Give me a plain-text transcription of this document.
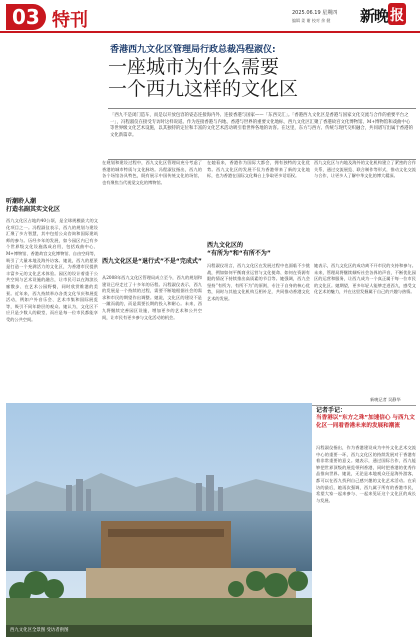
03 特刊	2025.06.19 星期四
编辑 姜 谢 校对 余 健 新晚 报
香港西九文化区管理局行政总裁冯程淑仪:
一座城市为什么需要
一个西九这样的文化区
「西九不是闭门造车，而是以开放包容的姿态连接海内外、连接香港与国家——「东西交汇」。「香港西九文化区是香港与国家文化交流与合作的重要平台之一」，冯程淑仪在接受专访时这样说道。作为连接香港与内地、香港与世界的重要文化地标，西九文化区汇聚了香港故宫文化博物馆、M+博物馆和戏曲中心等世界级文化艺术设施，以其独特的定位和丰富的文化艺术活动吸引着世界各地的访客。在这里，东方与西方、传统与现代交织融合，共同谱写出属于香港的文化新篇章。
听潮聆人潮
打造名副其实文化区
西九文化区占地约40公顷，是全球规模最大的文化项目之一。冯程淑仪表示，西九的规划与建设汇聚了多方智慧，其中包括公众咨询和国际建筑师的参与。历经多年的发展，如今园区内已有多个世界级文化设施落成启用，包括戏曲中心、M+博物馆、香港故宫文化博物馆、自由空间等，吸引了大量本地及海外访客。她说，西九的愿景是打造一个充满活力的文化区，为香港市民提供丰富多元的文化艺术体验。园区的设计着重于公共空间与艺术设施的融合，让市民可以在海滨长廊散步、在艺术公园野餐，同时欣赏维港的美景。近年来，西九持续举办各类文化节庆和展览活动，例如户外音乐会、艺术市集和国际展览等，吸引不同年龄层的观众。她认为，文化区不应只是少数人的殿堂，而应是每一位市民都能享受的公共空间。
在规划和建设过程中，西九文化区管理局充分考虑了香港的城市特质与文化脉络。冯程淑仪指出，西九的各个场馆各具特色，既有展示中国传统文化的场馆，也有聚焦当代视觉文化的博物馆。
在她看来，香港作为国际大都会，拥有独特的文化优势。西九文化区的发展不仅为香港带来了新的文化地标，也为香港在国际文化舞台上争取更多话语权。
西九文化区与内地及海外的文化机构建立了紧密的合作关系，通过交流展览、联合制作等形式，推动文化交流与合作，让更多人了解中华文化的博大精深。
西九文化区是“退行式”不是“完成式”
从2008年西九文化区管理局成立至今，西九的规划和建设已经走过了十多年的历程。冯程淑仪表示，西九的发展是一个持续的过程，需要不断地根据社会的需求和市民的期望作出调整。她说，文化区的建设不是一蹴而就的，而是需要长期的投入和耐心。未来，西九将继续完善园区设施，增加更多的艺术和公共空间，让市民有更多参与文化活动的机会。
西九文化区的
“有所为”和“有所不为”
冯程淑仪坦言，西九文化区在发展过程中也面临不少挑战，例如如何平衡商业运营与文化使命、如何在资源有限的情况下持续推出高质素的节目等。她强调，西九会坚持“有所为、有所不为”的原则，专注于自身的核心优势，同时与其他文化机构互相补足，共同推动香港文化艺术的发展。
她表示，西九文化区的成功离不开市民的支持和参与。未来，管理局将继续倾听社会各界的声音，不断优化园区的运营和服务，让西九成为一个真正属于每一位市民的文化区。她期望，更多年轻人能够走进西九，感受文化艺术的魅力，并在这里发掘属于自己的兴趣与热情。
新晚记者 吴静华
西九文化区全景图 受访者供图
记者手记：
当香港以“东方之珠”加速信心 与西九文化区一同看香港未来的发展和潮流
冯程淑仪指出，作为香港建设成为中外文化艺术交流中心的重要一环，西九文化区的持续发展对于香港有着非常重要的意义。她表示，通过国际合作，西九能够把世界顶级的展览带到香港，同时把香港的优秀作品推向世界。她说，无论是本地观众还是海外游客，都可以在西九找到自己感兴趣的文化艺术活动。在采访的最后，她再次强调，西九属于所有的香港市民，希望大家一起来参与、一起来见证这个文化区的成长与发展。
